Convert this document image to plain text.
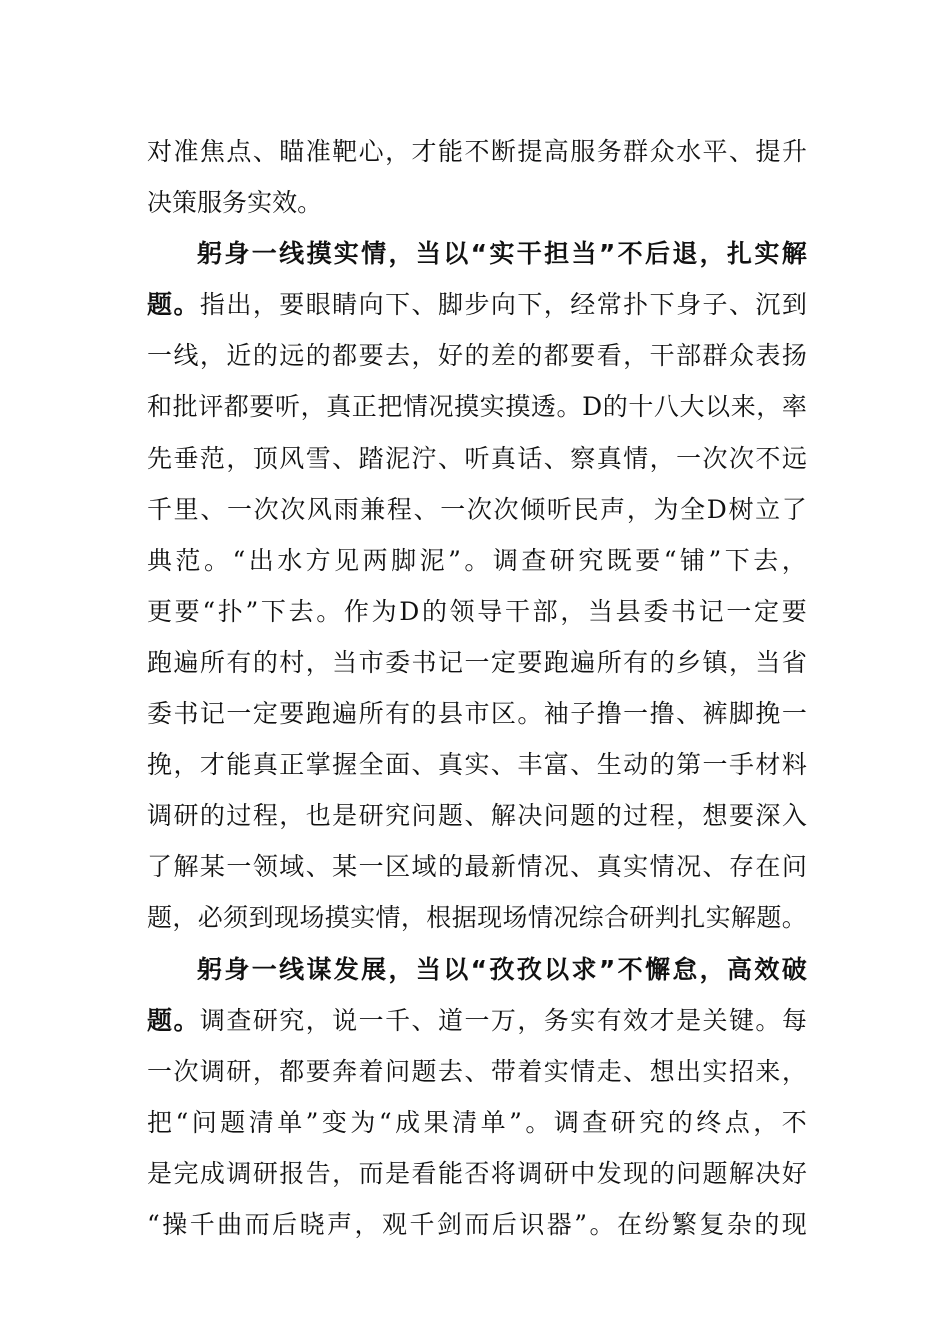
对 准 焦 点 、 瞄 准 靶 心 ， 才 能 不 断 提 高 服 务 群 众 水 平 、 提 升
决 策 服 务 实 效 。
躬 身 一 线 摸 实 情 ， 当 以 “ 实 干 担 当 ” 不 后 退 ， 扎 实 解
题 。 指 出 ， 要 眼 睛 向 下 、 脚 步 向 下 ， 经 常 扑 下 身 子 、 沉 到
一 线 ， 近 的 远 的 都 要 去 ， 好 的 差 的 都 要 看 ， 干 部 群 众 表 扬
和 批 评 都 要 听 ， 真 正 把 情 况 摸 实 摸 透 。 D 的 十 八 大 以 来 ， 率
先 垂 范 ， 顶 风 雪 、 踏 泥 泞 、 听 真 话 、 察 真 情 ， 一 次 次 不 远
千 里 、 一 次 次 风 雨 兼 程 、 一 次 次 倾 听 民 声 ， 为 全 D 树 立 了
典 范 。 “ 出 水 方 见 两 脚 泥 ” 。 调 查 研 究 既 要 “ 铺 ” 下 去 ，
更 要 “ 扑 ” 下 去 。 作 为 D 的 领 导 干 部 ， 当 县 委 书 记 一 定 要
跑 遍 所 有 的 村 ， 当 市 委 书 记 一 定 要 跑 遍 所 有 的 乡 镇 ， 当 省
委 书 记 一 定 要 跑 遍 所 有 的 县 市 区 。 袖 子 撸 一 撸 、 裤 脚 挽 一
挽 ， 才 能 真 正 掌 握 全 面 、 真 实 、 丰 富 、 生 动 的 第 一 手 材 料
调 研 的 过 程 ， 也 是 研 究 问 题 、 解 决 问 题 的 过 程 ， 想 要 深 入
了 解 某 一 领 域 、 某 一 区 域 的 最 新 情 况 、 真 实 情 况 、 存 在 问
题 ， 必 须 到 现 场 摸 实 情 ， 根 据 现 场 情 况 综 合 研 判 扎 实 解 题 。
躬 身 一 线 谋 发 展 ， 当 以 “ 孜 孜 以 求 ” 不 懈 怠 ， 高 效 破
题 。 调 查 研 究 ， 说 一 千 、 道 一 万 ， 务 实 有 效 才 是 关 键 。 每
一 次 调 研 ， 都 要 奔 着 问 题 去 、 带 着 实 情 走 、 想 出 实 招 来 ，
把 “ 问 题 清 单 ” 变 为 “ 成 果 清 单 ” 。 调 查 研 究 的 终 点 ， 不
是 完 成 调 研 报 告 ， 而 是 看 能 否 将 调 研 中 发 现 的 问 题 解 决 好
“ 操 千 曲 而 后 晓 声 ， 观 千 剑 而 后 识 器 ” 。 在 纷 繁 复 杂 的 现
